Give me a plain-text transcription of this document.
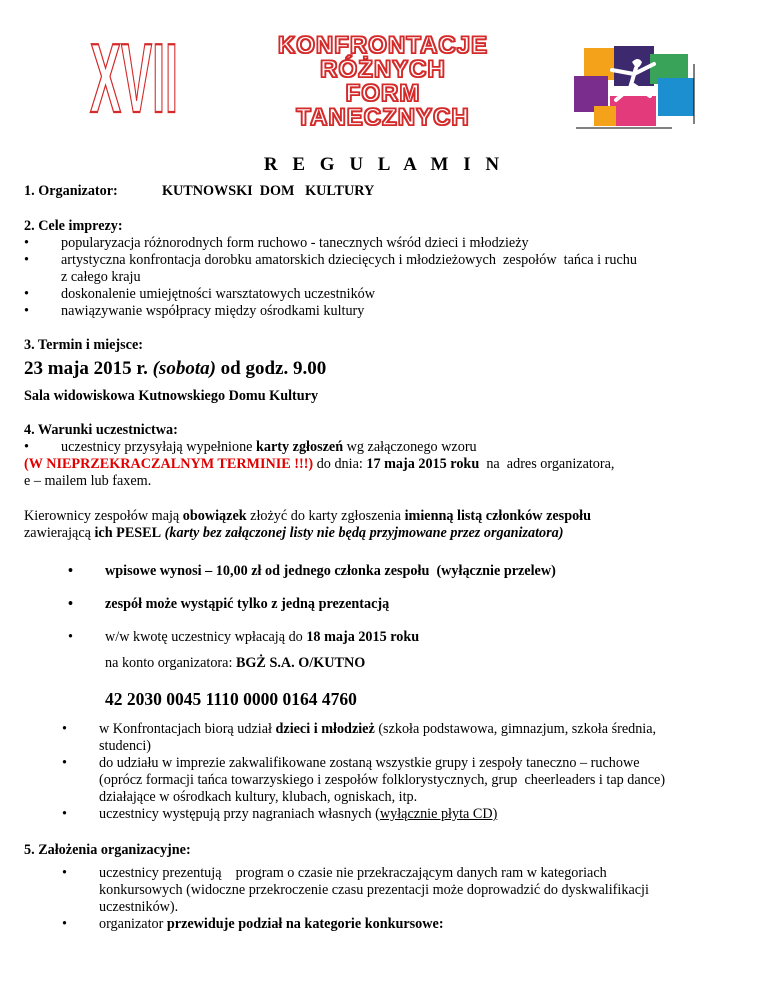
XVII	KONFRONTACJE
RÓŻNYCH
FORM
TANECZNYCH
R E G U L A M I N
1. Organizator:	KUTNOWSKI  DOM   KULTURY
2. Cele imprezy:
• popularyzacja różnorodnych form ruchowo - tanecznych wśród dzieci i młodzieży
• artystyczna konfrontacja dorobku amatorskich dziecięcych i młodzieżowych  zespołów  tańca i ruchu
z całego kraju
• doskonalenie umiejętności warsztatowych uczestników
• nawiązywanie współpracy między ośrodkami kultury
3. Termin i miejsce:
23 maja 2015 r. (sobota) od godz. 9.00
Sala widowiskowa Kutnowskiego Domu Kultury
4. Warunki uczestnictwa:
• uczestnicy przysyłają wypełnione karty zgłoszeń wg załączonego wzoru
(W NIEPRZEKRACZALNYM TERMINIE !!!) do dnia: 17 maja 2015 roku  na  adres organizatora,
e – mailem lub faxem.
Kierownicy zespołów mają obowiązek złożyć do karty zgłoszenia imienną listą członków zespołu
zawierającą ich PESEL (karty bez załączonej listy nie będą przyjmowane przez organizatora)
• wpisowe wynosi – 10,00 zł od jednego członka zespołu  (wyłącznie przelew)
• zespół może wystąpić tylko z jedną prezentacją
• w/w kwotę uczestnicy wpłacają do 18 maja 2015 roku
na konto organizatora: BGŻ S.A. O/KUTNO
42 2030 0045 1110 0000 0164 4760
• w Konfrontacjach biorą udział dzieci i młodzież (szkoła podstawowa, gimnazjum, szkoła średnia,
studenci)
• do udziału w imprezie zakwalifikowane zostaną wszystkie grupy i zespoły taneczno – ruchowe
(oprócz formacji tańca towarzyskiego i zespołów folklorystycznych, grup  cheerleaders i tap dance)
działające w ośrodkach kultury, klubach, ogniskach, itp.
• uczestnicy występują przy nagraniach własnych (wyłącznie płyta CD)
5. Założenia organizacyjne:
• uczestnicy prezentują    program o czasie nie przekraczającym danych ram w kategoriach
konkursowych (widoczne przekroczenie czasu prezentacji może doprowadzić do dyskwalifikacji
uczestników).
• organizator przewiduje podział na kategorie konkursowe:
